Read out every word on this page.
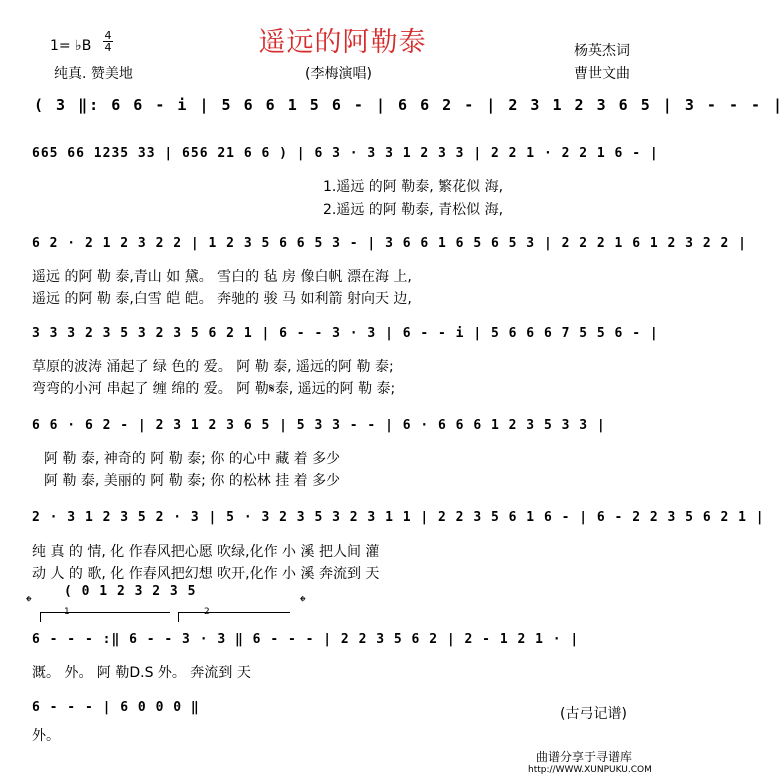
1= ♭B
4
4	遥远的阿勒泰
纯真. 赞美地	(李梅演唱)
杨英杰词
曹世文曲
( 3 ‖: 6 6 - i | 5 6 6 1 5 6 - | 6 6 2 - | 2 3 1 2 3 6 5 | 3 - - - |
665 66 1235 33 | 656 21 6 6 ) | 6 3 · 3 3 1 2 3 3 | 2 2 1 · 2 2 1 6 - |
1.遥远 的阿 勒泰, 繁花似 海,
2.遥远 的阿 勒泰, 青松似 海,
6 2 · 2 1 2 3 2 2 | 1 2 3 5 6 6 5 3 - | 3 6 6 1 6 5 6 5 3 | 2 2 2 1 6 1 2 3 2 2 |
遥远 的阿 勒 泰,青山 如 黛。 雪白的 毡 房 像白帆 漂在海 上,
遥远 的阿 勒 泰,白雪 皑 皑。 奔驰的 骏 马 如利箭 射向天 边,
3 3 3 2 3 5 3 2 3 5 6 2 1 | 6 - - 3 · 3 | 6 - - i | 5 6 6 6 7 5 5 6 - |
草原的波涛 涌起了 绿 色的 爱。 阿 勒 泰, 遥远的阿 勒 泰;
弯弯的小河 串起了 缠 绵的 爱。 阿 勒𝄋泰, 遥远的阿 勒 泰;
6 6 · 6 2 - | 2 3 1 2 3 6 5 | 5 3 3 - - | 6 · 6 6 6 1 2 3 5 3 3 |
阿 勒 泰, 神奇的 阿 勒 泰; 你 的心中 藏 着 多少
阿 勒 泰, 美丽的 阿 勒 泰; 你 的松林 挂 着 多少
2 · 3 1 2 3 5 2 · 3 | 5 · 3 2 3 5 3 2 3 1 1 | 2 2 3 5 6 1 6 - | 6 - 2 2 3 5 6 2 1 |
纯 真 的 情, 化 作春风把心愿 吹绿,化作 小 溪 把人间 灌
动 人 的 歌, 化 作春风把幻想 吹开,化作 小 溪 奔流到 天
𝄌	𝄌
( 0 1 2 3 2 3 5
1	2
6 - - - :‖ 6 - - 3 · 3 ‖ 6 - - - | 2 2 3 5 6 2 | 2 - 1 2 1 · |
溉。 外。 阿 勒D.S 外。 奔流到 天
6 - - - | 6 0 0 0 ‖
外。
(古弓记谱)
曲谱分享于寻谱库
http://WWW.XUNPUKU.COM
